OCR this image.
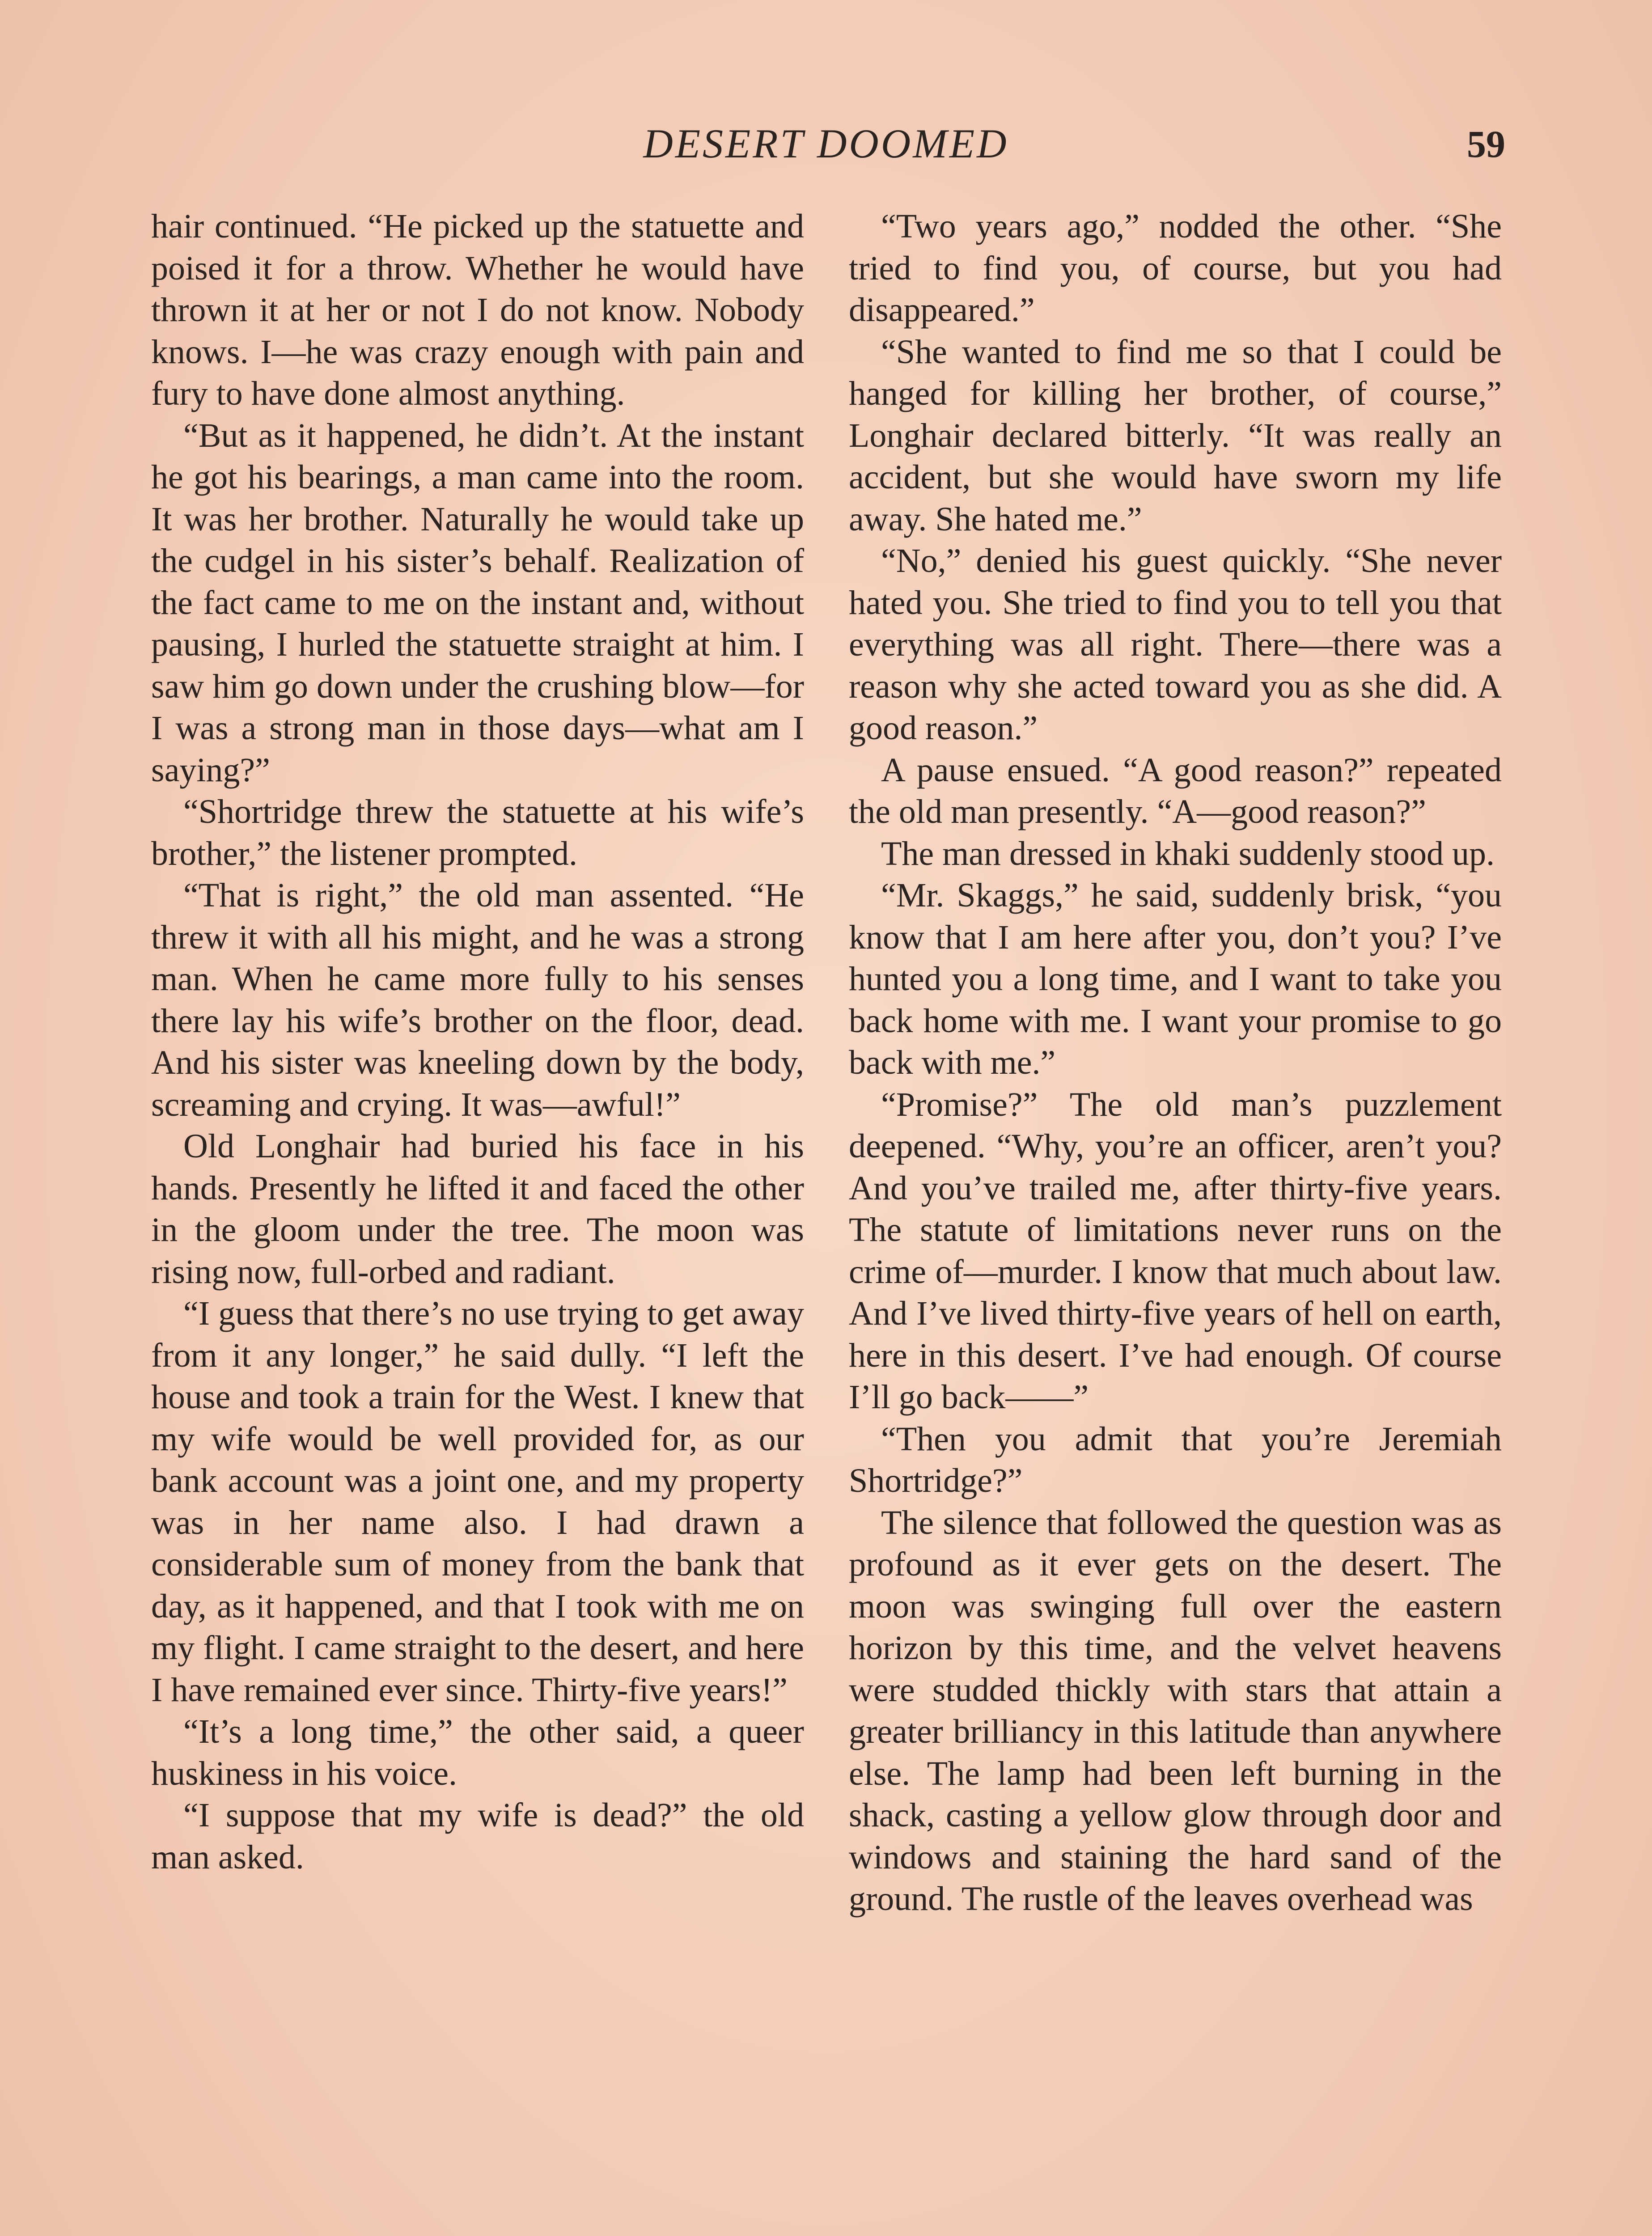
DESERT DOOMED	59

hair continued. “He picked up the statuette and poised it for a throw. Whether he would have thrown it at her or not I do not know. Nobody knows. I—he was crazy enough with pain and fury to have done almost anything.

“But as it happened, he didn’t. At the instant he got his bearings, a man came into the room. It was her brother. Naturally he would take up the cudgel in his sister’s behalf. Realization of the fact came to me on the instant and, without pausing, I hurled the statuette straight at him. I saw him go down under the crushing blow—for I was a strong man in those days—what am I saying?”

“Shortridge threw the statuette at his wife’s brother,” the listener prompted.

“That is right,” the old man assented. “He threw it with all his might, and he was a strong man. When he came more fully to his senses there lay his wife’s brother on the floor, dead. And his sister was kneeling down by the body, screaming and crying. It was—awful!”

Old Longhair had buried his face in his hands. Presently he lifted it and faced the other in the gloom under the tree. The moon was rising now, full-orbed and radiant.

“I guess that there’s no use trying to get away from it any longer,” he said dully. “I left the house and took a train for the West. I knew that my wife would be well provided for, as our bank account was a joint one, and my property was in her name also. I had drawn a considerable sum of money from the bank that day, as it happened, and that I took with me on my flight. I came straight to the desert, and here I have remained ever since. Thirty-five years!”

“It’s a long time,” the other said, a queer huskiness in his voice.

“I suppose that my wife is dead?” the old man asked.

“Two years ago,” nodded the other. “She tried to find you, of course, but you had disappeared.”

“She wanted to find me so that I could be hanged for killing her brother, of course,” Longhair declared bitterly. “It was really an accident, but she would have sworn my life away. She hated me.”

“No,” denied his guest quickly. “She never hated you. She tried to find you to tell you that everything was all right. There—there was a reason why she acted toward you as she did. A good reason.”

A pause ensued. “A good reason?” repeated the old man presently. “A—good reason?”

The man dressed in khaki suddenly stood up.

“Mr. Skaggs,” he said, suddenly brisk, “you know that I am here after you, don’t you? I’ve hunted you a long time, and I want to take you back home with me. I want your promise to go back with me.”

“Promise?” The old man’s puzzlement deepened. “Why, you’re an officer, aren’t you? And you’ve trailed me, after thirty-five years. The statute of limitations never runs on the crime of—murder. I know that much about law. And I’ve lived thirty-five years of hell on earth, here in this desert. I’ve had enough. Of course I’ll go back——”

“Then you admit that you’re Jeremiah Shortridge?”

The silence that followed the question was as profound as it ever gets on the desert. The moon was swinging full over the eastern horizon by this time, and the velvet heavens were studded thickly with stars that attain a greater brilliancy in this latitude than anywhere else. The lamp had been left burning in the shack, casting a yellow glow through door and windows and staining the hard sand of the ground. The rustle of the leaves overhead was
